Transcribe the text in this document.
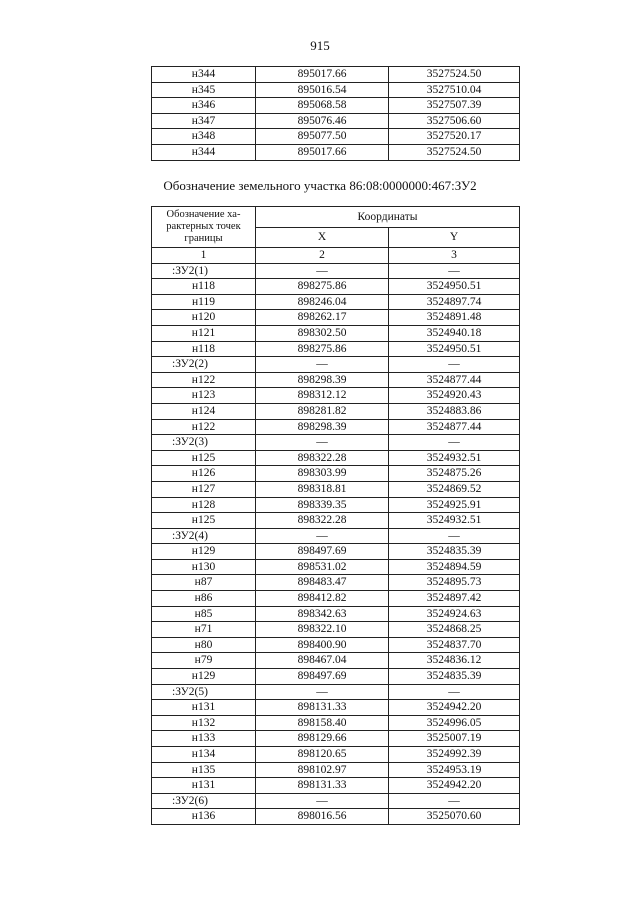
915
н344	895017.66	3527524.50
н345	895016.54	3527510.04
н346	895068.58	3527507.39
н347	895076.46	3527506.60
н348	895077.50	3527520.17
н344	895017.66	3527524.50
Обозначение земельного участка 86:08:0000000:467:ЗУ2
Обозначение ха-рактерных точек границы	Координаты	
	X	Y
1	2	3
:ЗУ2(1)	—	—
н118	898275.86	3524950.51
н119	898246.04	3524897.74
н120	898262.17	3524891.48
н121	898302.50	3524940.18
н118	898275.86	3524950.51
:ЗУ2(2)	—	—
н122	898298.39	3524877.44
н123	898312.12	3524920.43
н124	898281.82	3524883.86
н122	898298.39	3524877.44
:ЗУ2(3)	—	—
н125	898322.28	3524932.51
н126	898303.99	3524875.26
н127	898318.81	3524869.52
н128	898339.35	3524925.91
н125	898322.28	3524932.51
:ЗУ2(4)	—	—
н129	898497.69	3524835.39
н130	898531.02	3524894.59
н87	898483.47	3524895.73
н86	898412.82	3524897.42
н85	898342.63	3524924.63
н71	898322.10	3524868.25
н80	898400.90	3524837.70
н79	898467.04	3524836.12
н129	898497.69	3524835.39
:ЗУ2(5)	—	—
н131	898131.33	3524942.20
н132	898158.40	3524996.05
н133	898129.66	3525007.19
н134	898120.65	3524992.39
н135	898102.97	3524953.19
н131	898131.33	3524942.20
:ЗУ2(6)	—	—
н136	898016.56	3525070.60
